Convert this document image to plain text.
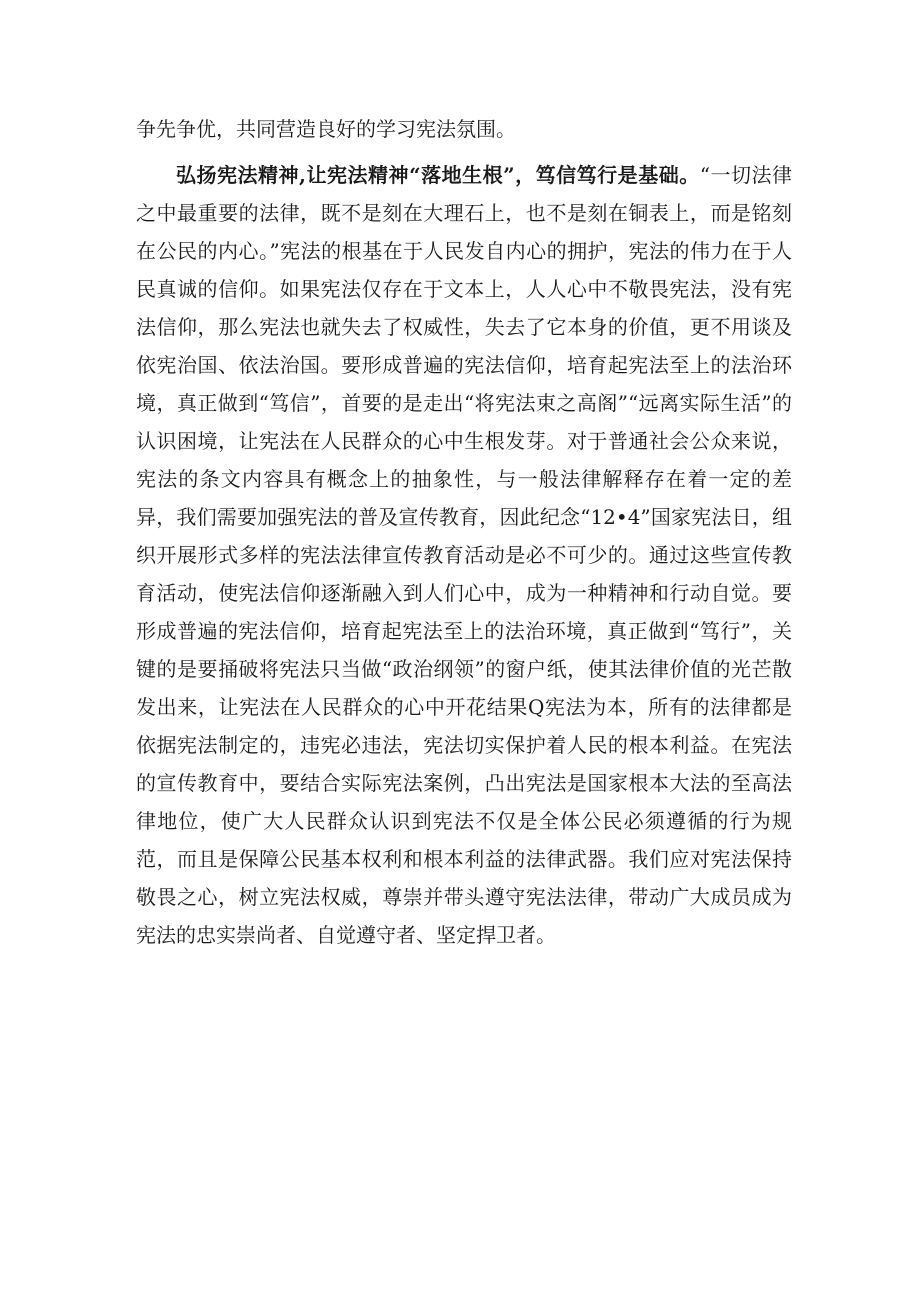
争先争优，共同营造良好的学习宪法氛围。

弘扬宪法精神,让宪法精神“落地生根”，笃信笃行是基础。“一切法律之中最重要的法律，既不是刻在大理石上，也不是刻在铜表上，而是铭刻在公民的内心。”宪法的根基在于人民发自内心的拥护，宪法的伟力在于人民真诚的信仰。如果宪法仅存在于文本上，人人心中不敬畏宪法，没有宪法信仰，那么宪法也就失去了权威性，失去了它本身的价值，更不用谈及依宪治国、依法治国。要形成普遍的宪法信仰，培育起宪法至上的法治环境，真正做到“笃信”，首要的是走出“将宪法束之高阁”“远离实际生活”的认识困境，让宪法在人民群众的心中生根发芽。对于普通社会公众来说，宪法的条文内容具有概念上的抽象性，与一般法律解释存在着一定的差异，我们需要加强宪法的普及宣传教育，因此纪念“12•4”国家宪法日，组织开展形式多样的宪法法律宣传教育活动是必不可少的。通过这些宣传教育活动，使宪法信仰逐渐融入到人们心中，成为一种精神和行动自觉。要形成普遍的宪法信仰，培育起宪法至上的法治环境，真正做到“笃行”，关键的是要捅破将宪法只当做“政治纲领”的窗户纸，使其法律价值的光芒散发出来，让宪法在人民群众的心中开花结果Q宪法为本，所有的法律都是依据宪法制定的，违宪必违法，宪法切实保护着人民的根本利益。在宪法的宣传教育中，要结合实际宪法案例，凸出宪法是国家根本大法的至高法律地位，使广大人民群众认识到宪法不仅是全体公民必须遵循的行为规范，而且是保障公民基本权利和根本利益的法律武器。我们应对宪法保持敬畏之心，树立宪法权威，尊崇并带头遵守宪法法律，带动广大成员成为宪法的忠实崇尚者、自觉遵守者、坚定捍卫者。
